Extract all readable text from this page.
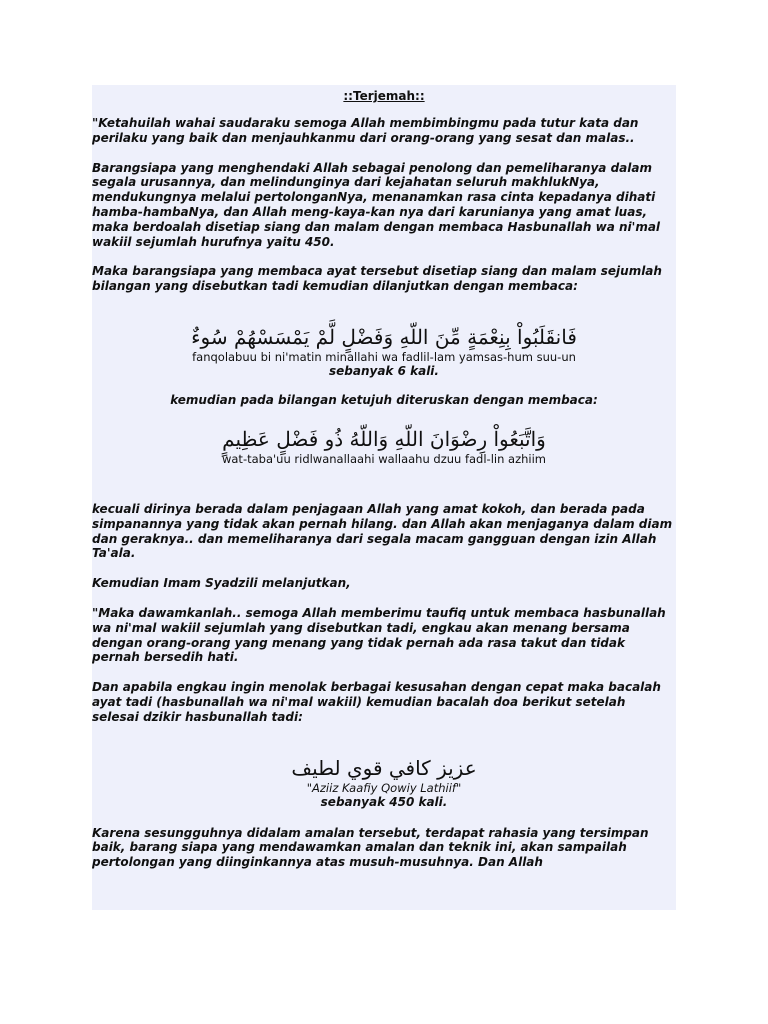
::Terjemah::

"Ketahuilah wahai saudaraku semoga Allah membimbingmu pada tutur kata dan perilaku yang baik dan menjauhkanmu dari orang-orang yang sesat dan malas..

Barangsiapa yang menghendaki Allah sebagai penolong dan pemeliharanya dalam segala urusannya, dan melindunginya dari kejahatan seluruh makhlukNya, mendukungnya melalui pertolonganNya, menanamkan rasa cinta kepadanya dihati hamba-hambaNya, dan Allah meng-kaya-kan nya dari karunianya yang amat luas, maka berdoalah disetiap siang dan malam dengan membaca Hasbunallah wa ni'mal wakiil sejumlah hurufnya yaitu 450.

Maka barangsiapa yang membaca ayat tersebut disetiap siang dan malam sejumlah bilangan yang disebutkan tadi kemudian dilanjutkan dengan membaca:

فَانقَلَبُواْ بِنِعْمَةٍ مِّنَ اللّهِ وَفَضْلٍ لَّمْ يَمْسَسْهُمْ سُوءٌ
fanqolabuu bi ni'matin minallahi wa fadlil-lam yamsas-hum suu-un
sebanyak 6 kali.
kemudian pada bilangan ketujuh diteruskan dengan membaca:
وَاتَّبَعُواْ رِضْوَانَ اللّهِ وَاللّهُ ذُو فَضْلٍ عَظِيمٍ
wat-taba'uu ridlwanallaahi wallaahu dzuu fadl-lin azhiim

kecuali dirinya berada dalam penjagaan Allah yang amat kokoh, dan berada pada simpanannya yang tidak akan pernah hilang. dan Allah akan menjaganya dalam diam dan geraknya.. dan memeliharanya dari segala macam gangguan dengan izin Allah Ta'ala.

Kemudian Imam Syadzili melanjutkan,

"Maka dawamkanlah.. semoga Allah memberimu taufiq untuk membaca hasbunallah wa ni'mal wakiil sejumlah yang disebutkan tadi, engkau akan menang bersama dengan orang-orang yang menang yang tidak pernah ada rasa takut dan tidak pernah bersedih hati.

Dan apabila engkau ingin menolak berbagai kesusahan dengan cepat maka bacalah ayat tadi (hasbunallah wa ni'mal wakiil) kemudian bacalah doa berikut setelah selesai dzikir hasbunallah tadi:

عزيز كافي قوي لطيف
"Aziiz Kaafiy Qowiy Lathiif"
sebanyak 450 kali.

Karena sesungguhnya didalam amalan tersebut, terdapat rahasia yang tersimpan baik, barang siapa yang mendawamkan amalan dan teknik ini, akan sampailah pertolongan yang diinginkannya atas musuh-musuhnya. Dan Allah
